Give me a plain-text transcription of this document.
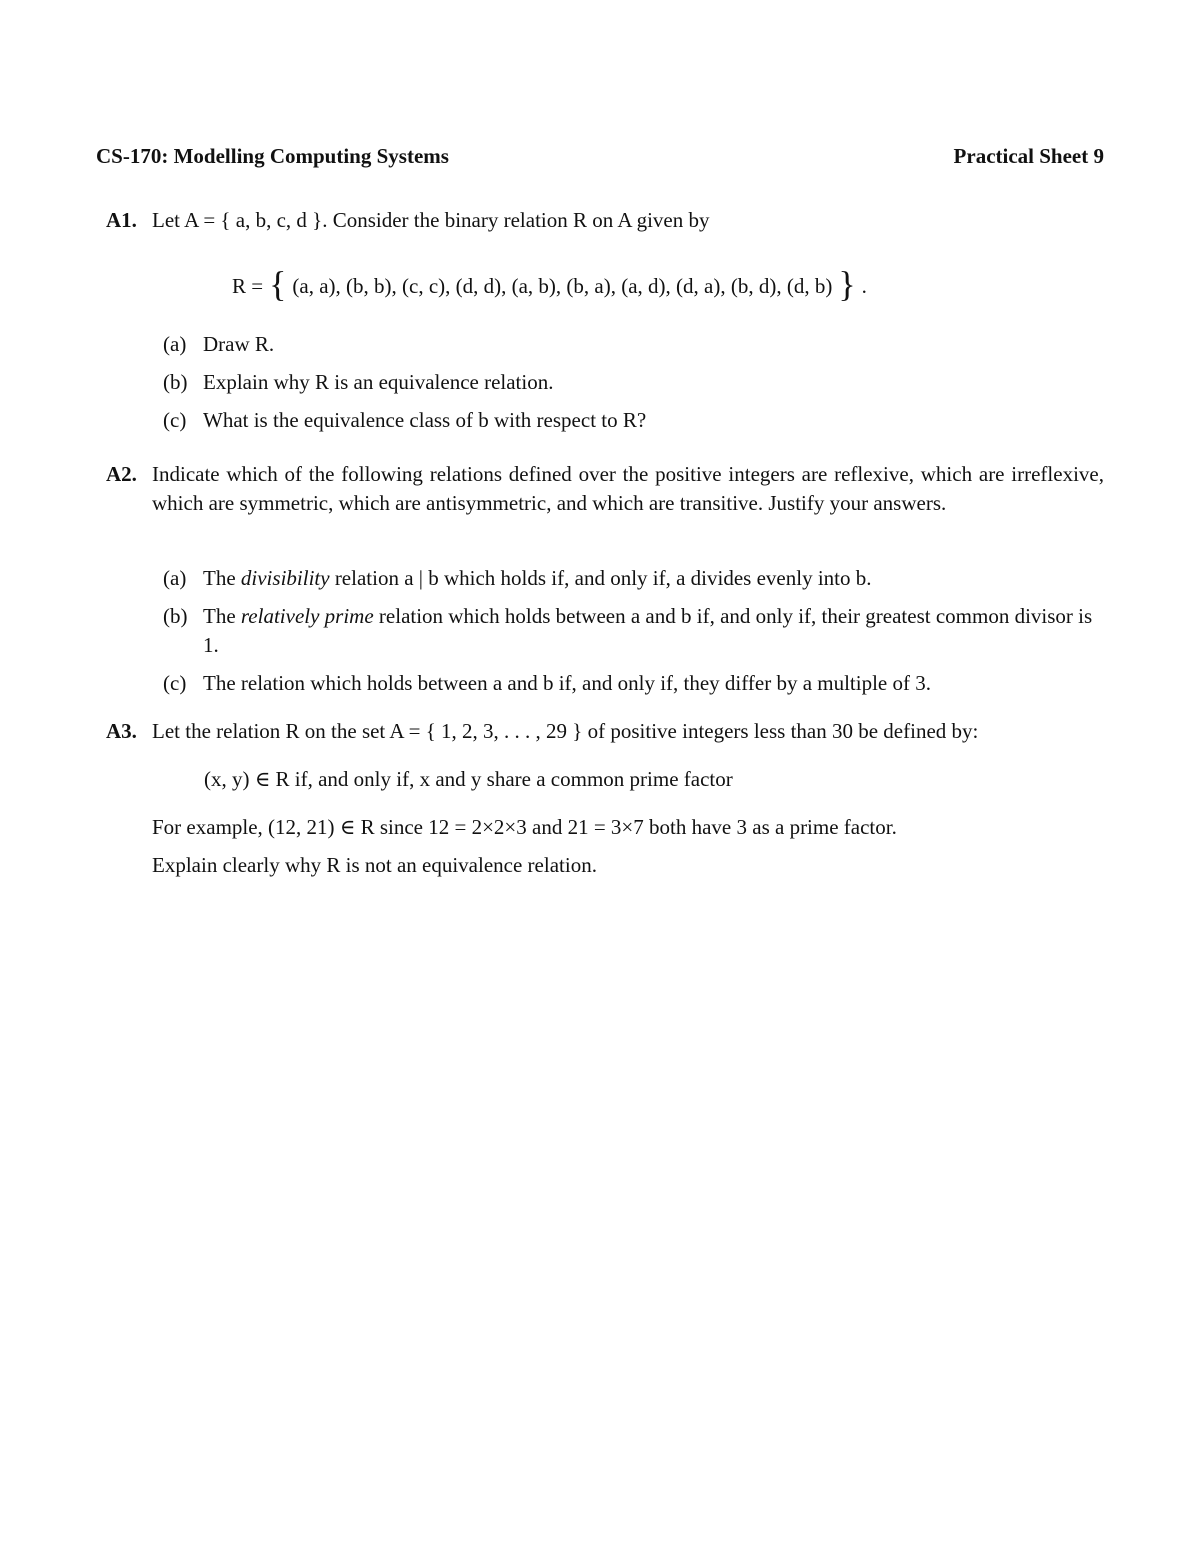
CS-170: Modelling Computing Systems	Practical Sheet 9
A1. Let A = { a, b, c, d }. Consider the binary relation R on A given by
R = { (a, a), (b, b), (c, c), (d, d), (a, b), (b, a), (a, d), (d, a), (b, d), (d, b) } .
(a) Draw R.
(b) Explain why R is an equivalence relation.
(c) What is the equivalence class of b with respect to R?
A2. Indicate which of the following relations defined over the positive integers are reflexive, which are irreflexive, which are symmetric, which are antisymmetric, and which are transitive. Justify your answers.
(a) The divisibility relation a | b which holds if, and only if, a divides evenly into b.
(b) The relatively prime relation which holds between a and b if, and only if, their greatest common divisor is 1.
(c) The relation which holds between a and b if, and only if, they differ by a multiple of 3.
A3. Let the relation R on the set A = { 1, 2, 3, . . . , 29 } of positive integers less than 30 be defined by:
(x, y) ∈ R if, and only if, x and y share a common prime factor
For example, (12, 21) ∈ R since 12 = 2×2×3 and 21 = 3×7 both have 3 as a prime factor.
Explain clearly why R is not an equivalence relation.
